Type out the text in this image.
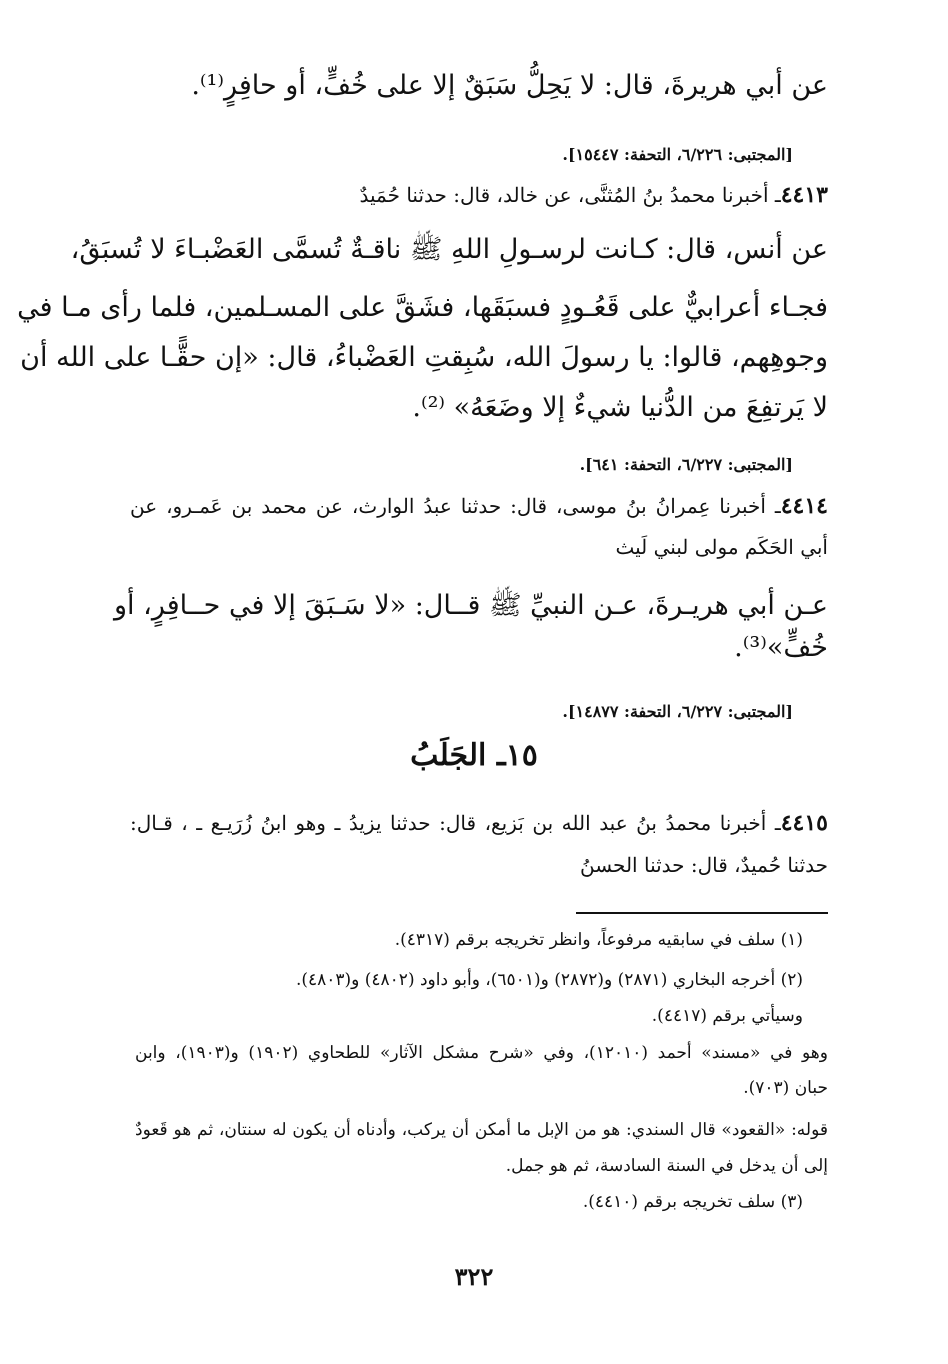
عن أبي هريرةَ، قال: لا يَحِلُّ سَبَقٌ إلا على خُفٍّ، أو حافِرٍ⁽¹⁾.
[المجتبى: ٦/٢٢٦، التحفة: ١٥٤٤٧].
٤٤١٣ـ أخبرنا محمدُ بنُ المُثنَّى، عن خالد، قال: حدثنا حُمَيدٌ
عن أنس، قال: كـانت لرسـولِ اللهِ ﷺ ناقـةٌ تُسمَّى العَضْبـاءَ لا تُسبَقُ،
فجـاء أعرابيٌّ على قَعُـودٍ فسبَقَها، فشَقَّ على المسـلمين، فلما رأى مـا في
وجوهِهم، قالوا: يا رسولَ الله، سُبِقتِ العَضْباءُ، قال: «إن حقًّـا على الله أن
لا يَرتفِعَ من الدُّنيا شيءٌ إلا وضَعَهُ» ⁽²⁾.
[المجتبى: ٦/٢٢٧، التحفة: ٦٤١].
٤٤١٤ـ أخبرنا عِمرانُ بنُ موسى، قال: حدثنا عبدُ الوارث، عن محمد بن عَمـرو، عن
أبي الحَكَم مولى لبني لَيث
عـن أبي هريـرةَ، عـن النبيِّ ﷺ قــال: «لا سَـبَقَ إلا في حــافِرٍ، أو
خُفٍّ»⁽³⁾.
[المجتبى: ٦/٢٢٧، التحفة: ١٤٨٧٧].
١٥ـ الجَلَبُ
٤٤١٥ـ أخبرنا محمدُ بنُ عبد الله بن بَزيع، قال: حدثنا يزيدُ ـ وهو ابنُ زُرَيـع ـ ، قـال:
حدثنا حُميدٌ، قال: حدثنا الحسنُ
(١) سلف في سابقيه مرفوعاً، وانظر تخريجه برقم (٤٣١٧).
(٢) أخرجه البخاري (٢٨٧١) و(٢٨٧٢) و(٦٥٠١)، وأبو داود (٤٨٠٢) و(٤٨٠٣).
وسيأتي برقم (٤٤١٧).
وهو في «مسند» أحمد (١٢٠١٠)، وفي «شرح مشكل الآثار» للطحاوي (١٩٠٢) و(١٩٠٣)، وابن
حبان (٧٠٣).
قوله: «القعود» قال السندي: هو من الإبل ما أمكن أن يركب، وأدناه أن يكون له سنتان، ثم هو قَعودٌ
إلى أن يدخل في السنة السادسة، ثم هو جمل.
(٣) سلف تخريجه برقم (٤٤١٠).
٣٢٢
